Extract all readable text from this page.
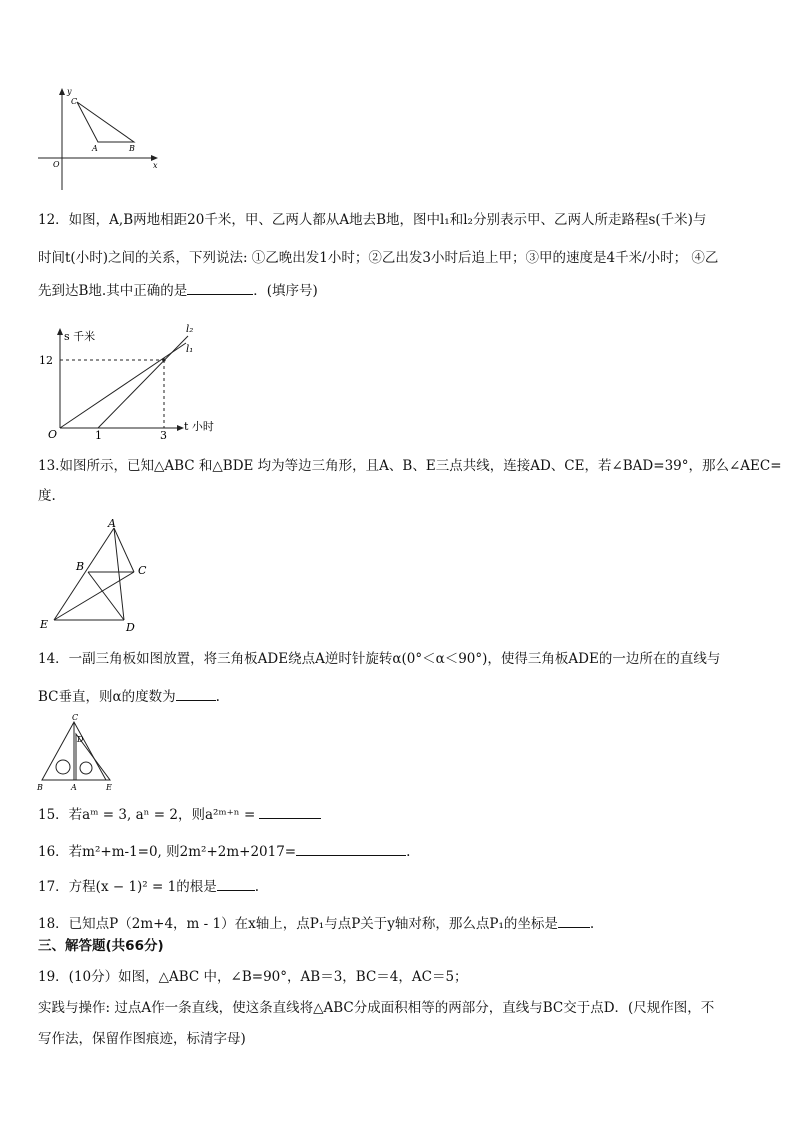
y
x
O
C
A	B
12．如图，A,B两地相距20千米，甲、乙两人都从A地去B地，图中l₁和l₂分别表示甲、乙两人所走路程s(千米)与
时间t(小时)之间的关系，下列说法: ①乙晚出发1小时；②乙出发3小时后追上甲；③甲的速度是4千米/小时； ④乙
先到达B地.其中正确的是	．(填序号)
s 千米
t 小时
O
12
1	3
l₂
l₁
13.如图所示，已知△ABC 和△BDE 均为等边三角形，且A、B、E三点共线，连接AD、CE，若∠BAD=39°，那么∠AEC=
度.
A
B	C
D
E
14．一副三角板如图放置，将三角板ADE绕点A逆时针旋转α(0°＜α＜90°)，使得三角板ADE的一边所在的直线与
BC垂直，则α的度数为	.
C
D
B	A	E
15．若aᵐ = 3, aⁿ = 2，则a²ᵐ⁺ⁿ =
16．若m²+m-1=0, 则2m²+2m+2017=	.
17．方程(x − 1)² = 1的根是	.
18．已知点P（2m+4，m - 1）在x轴上，点P₁与点P关于y轴对称，那么点P₁的坐标是 .
三、解答题(共66分)
19．(10分）如图，△ABC 中，∠B=90°，AB＝3，BC＝4，AC＝5；
实践与操作: 过点A作一条直线，使这条直线将△ABC分成面积相等的两部分，直线与BC交于点D．(尺规作图，不
写作法，保留作图痕迹，标清字母)
